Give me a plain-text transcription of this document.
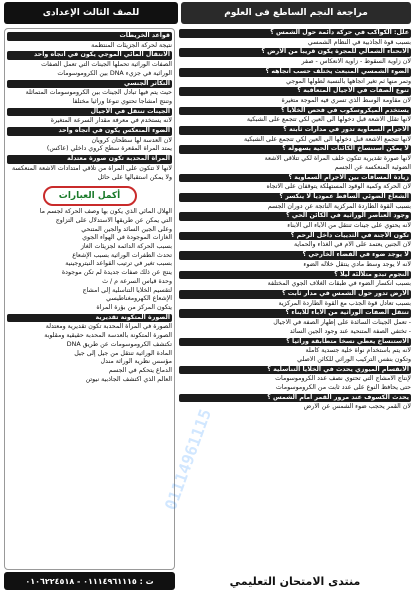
مراجعة النجم الساطع فى العلوم
للصف الثالث الإعدادى
علل: الكواكب في حركة دائمة حول الشمس ؟
بسبب قوة الجاذبية في النظام الشمسي
الانحناء الشمالي للمجرة يكون قريبا من الأرض ؟
لأن زاوية السقوط - زاوية الانعكاس - صفر
الضوء الشمسي المنبعث يختلف حسب اتجاهه ؟
وتمر منها ثم تغير اتجاهها بالنسبة لطولها الموجي
تنوع الصفات في الأجيال المتعاقبة ؟
لأن مقاومة الوسط الذي تسري فيه الموجة متغيرة
يستخدم الميكروسكوب في فحص الخلايا ؟
لأنها تقلل الأشعة قبل دخولها الى العين لكي تتجمع على الشبكية
الأجرام السماوية تدور في مدارات ثابتة ؟
لأنها تتجمع الأشعة قبل دخولها الى العين لكي تتجمع على الشبكية
لا يمكن استنساخ الكائنات الحية بسهولة ؟
لأنها صورة تقديرية تتكون خلف المرآة لكي تتلاقى الأشعة
الضوئية المنعكسة عن الجسم
زيادة المسافات بين الأجرام السماوية ؟
لأن الحركة وكمية الوقود المستهلكة يتوقفان على الاتجاه
الشعاع الضوئي الساقط عموديا لا ينكسر ؟
بسبب القوة الطاردة المركزية الناتجة عن دوران الجسم
وجود العناصر الوراثية في الكائن الحي ؟
لأنه يحتوي على جينات تنتقل من الآباء الى الأبناء
تكون الأجنة في الثدييات داخل الرحم ؟
لأن الجنين يعتمد على الأم في الغذاء والحماية
لا يوجد ضوء في الفضاء الخارجي ؟
لأنه لا يوجد وسط مادي ينتقل خلاله الضوء
النجوم تبدو متلألئة ليلا ؟
بسبب انكسار الضوء في طبقات الغلاف الجوي المختلفة
الأرض تدور حول الشمس في مدار ثابت ؟
بسبب تعادل قوة الجذب مع القوة الطاردة المركزية
تنتقل الصفات الوراثية من الآباء للأبناء ؟
- تعمل الجينات السائدة على إظهار الصفة في الأجيال
- تختفي الصفة المتنحية عند وجود الجين السائد
الاستنساخ يعطي نسخا متطابقة وراثيا ؟
لأنه يتم باستخدام نواة خلية جسدية كاملة
وتكون بنفس التركيب الوراثي للكائن الأصلي
الانقسام الميوزي يحدث في الخلايا التناسلية ؟
لإنتاج الأمشاج التي تحتوي نصف عدد الكروموسومات
حتى يحافظ النوع على عدد ثابت من الكروموسومات
يحدث الكسوف عند مرور القمر أمام الشمس ؟
لأن القمر يحجب ضوء الشمس عن الأرض
قواعد الخريطات
نتيجة لحركة الجزيئات المنتظمة
الانتقال المائي الموجي يكون في اتجاه واحد
الصفات الوراثية تحملها الجينات التي تعمل الصفات
الوراثية في جزيء DNA بين الكروموسومات
التكاثر الجنسي
حيث يتم فيها تبادل الجينات بين الكروموسومات المتماثلة
وتنتج أمشاجا تحتوي تنوعا وراثيا مختلفا
الجينات تنتقل في الأجيال
لأنه يستخدم في معرفة مقدار السرعة المتغيرة
الضوء المنعكس يكون في اتجاه واحد
لأن العدسة لها سطحان كرويان
يمتد المرآة المقعرة سطح كروي داخلي (عاكس)
المرآة المحدبة تكون صورة معتدلة
لأنها لا تتكون على المرآة من تلاقي امتدادات الأشعة المنعكسة
ولا يمكن استقبالها على حائل
أكمل العبارات
الهلال المائي الذي يكون بها وصف الحركة لجسم ما
التي يمكن عن طريقها الاستدلال على التزاوج
وعلى الجين السائد والجين المتنحي
الغازات الموجودة في الهواء الجوي
بسبب الحركة الدائمة لجزيئات الغاز
تحدث الطفرات الوراثية بسبب الإشعاع
بسبب تغير في ترتيب القواعد النيتروجينية
ينتج عن ذلك صفات جديدة لم تكن موجودة
وحدة قياس السرعة م / ث
لتقسيم الخلايا التناسلية إلى أمشاج
الإشعاع الكهرومغناطيسي
يتكون المركز من بؤرة المرآة
الصورة المتكونة تقديرية
الصورة في المرآة المحدبة تكون تقديرية ومعتدلة
الصورة المتكونة بالعدسة المحدبة حقيقية ومقلوبة
تكتشف الكروموسومات عن طريق DNA
المادة الوراثية تنتقل من جيل إلى جيل
مؤسس نظرية الوراثة مندل
الدماغ يتحكم في الجسم
العالم الذي اكتشف الجاذبية نيوتن
01114961115
منتدى الامتحان التعليمي
ت : ٠١١١٤٩٦١١١٥ - ٠١٠٦٢٢٤٥١٨
